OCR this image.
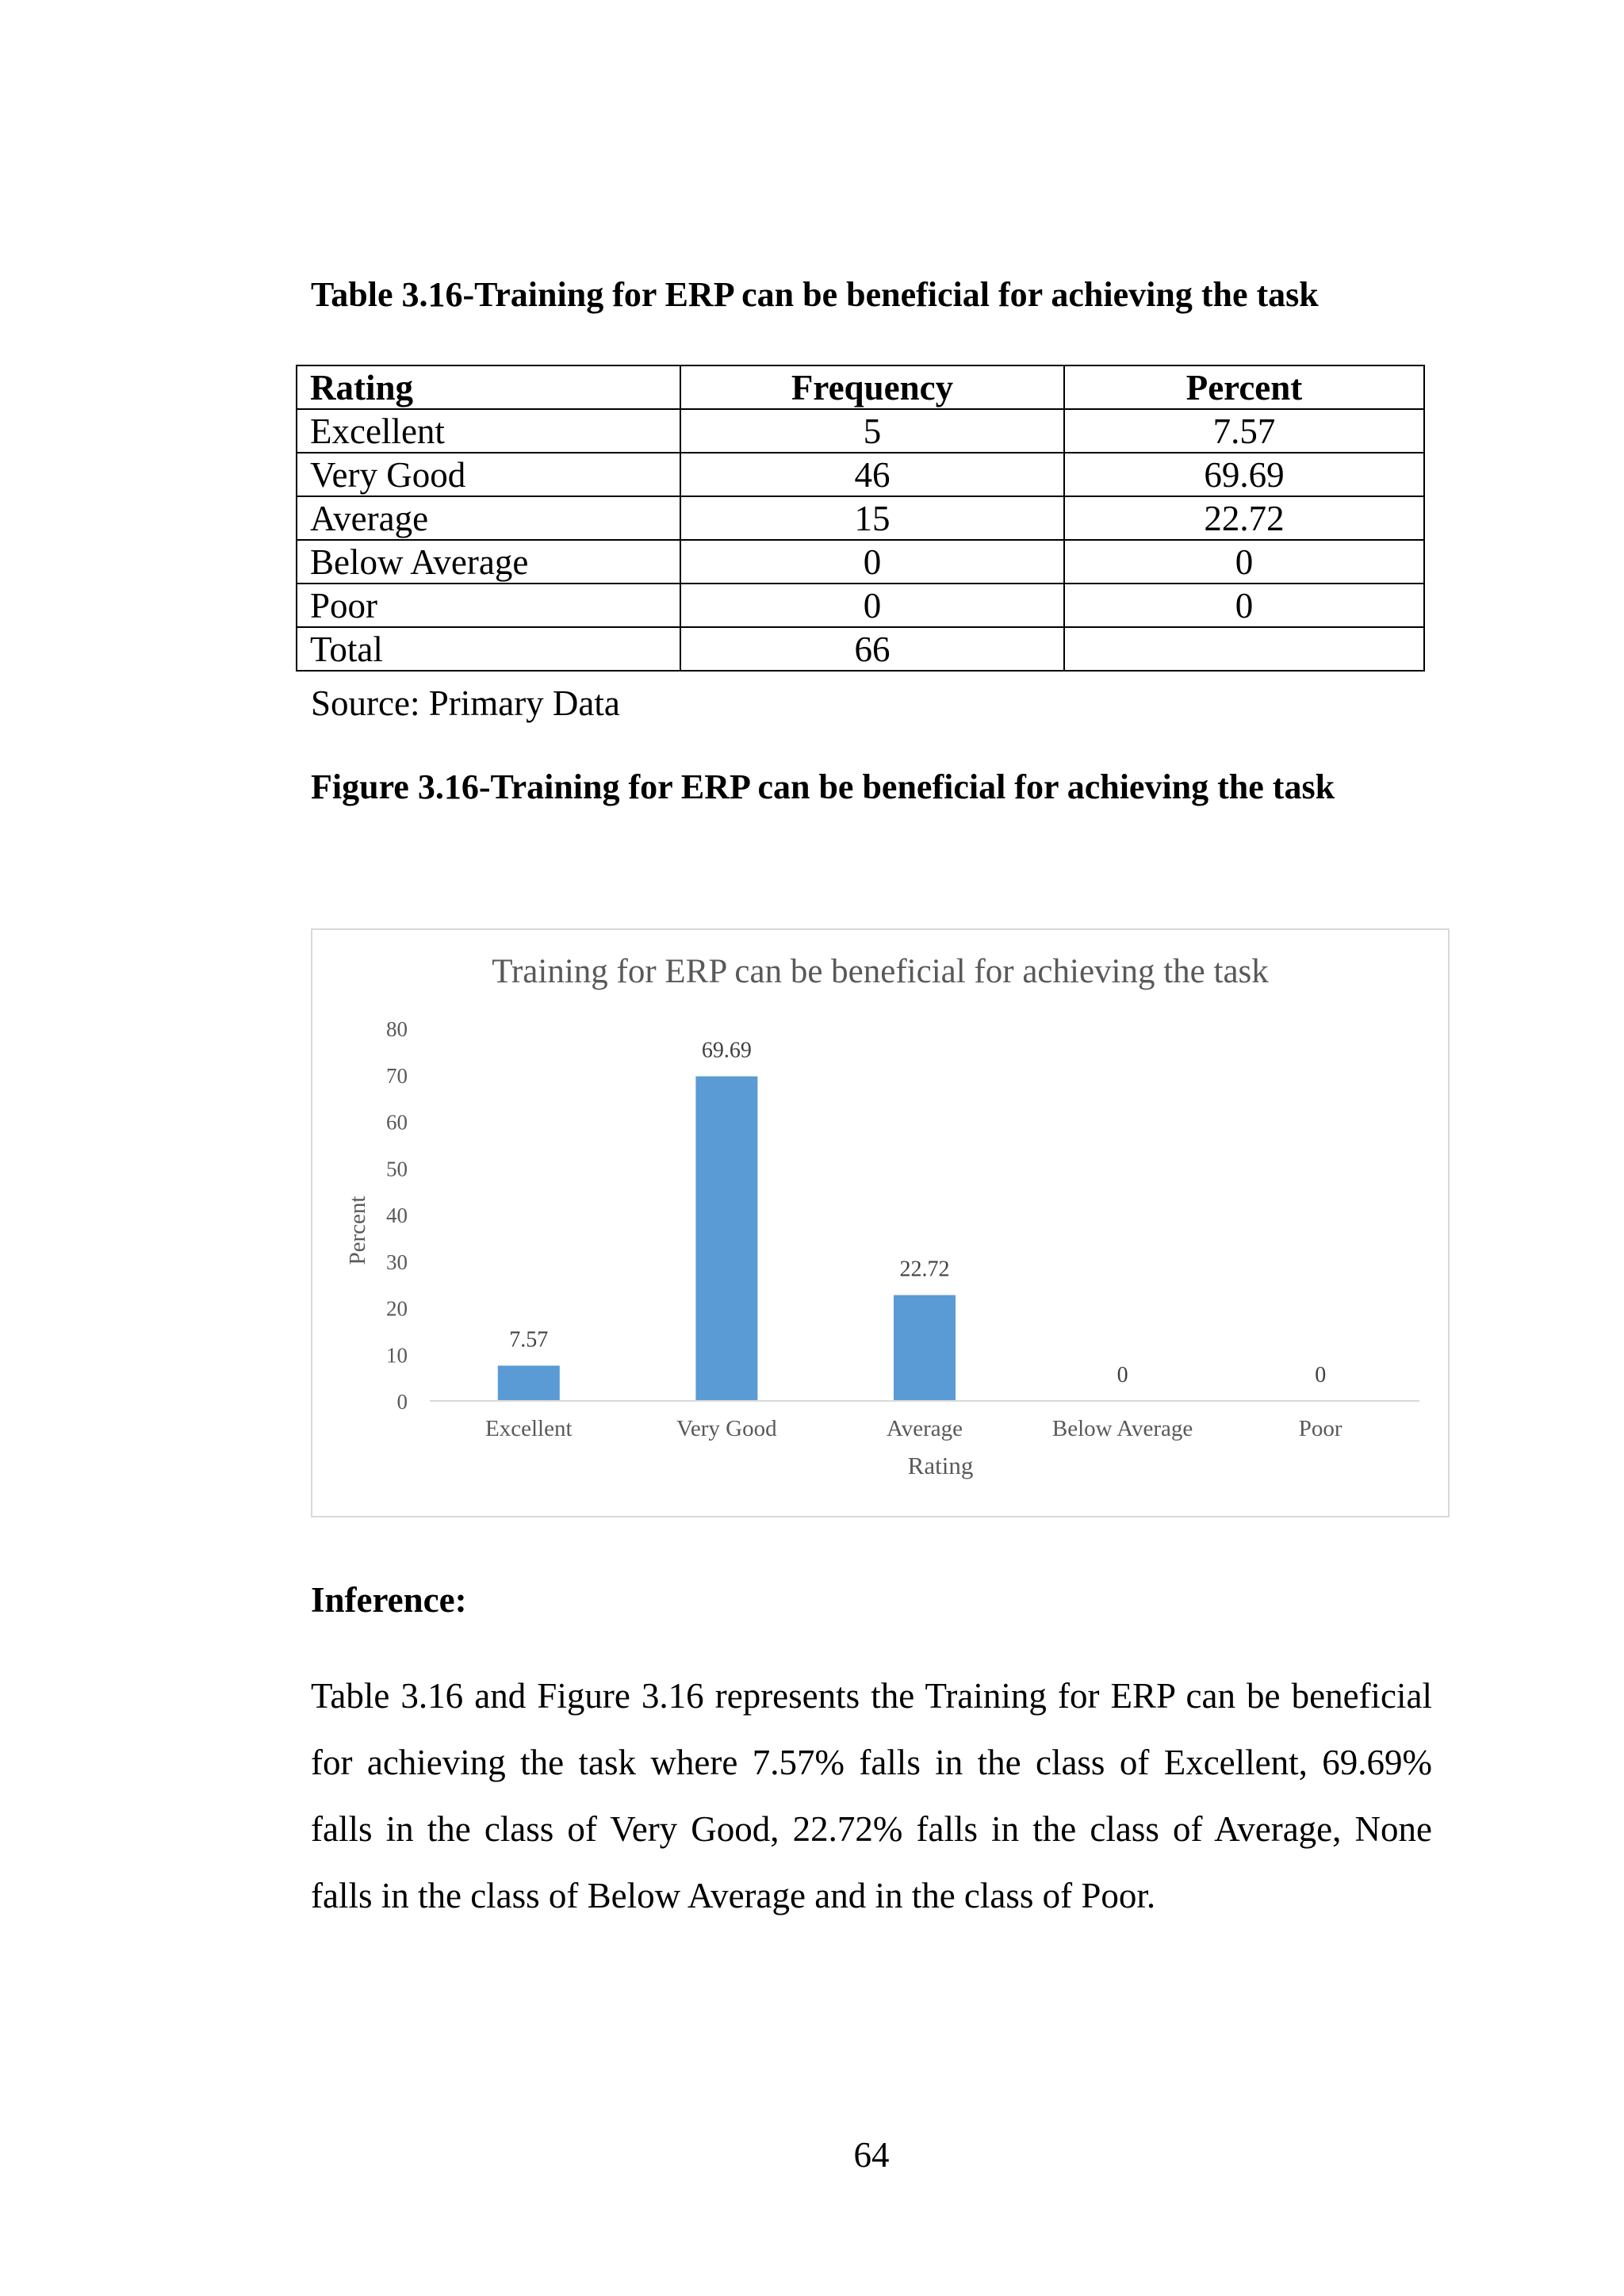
Table 3.16-Training for ERP can be beneficial for achieving the task
Rating	Frequency	Percent
Excellent	5	7.57
Very Good	46	69.69
Average	15	22.72
Below Average	0	0
Poor	0	0
Total	66	
Source: Primary Data
Figure 3.16-Training for ERP can be beneficial for achieving the task
Training for ERP can be beneficial for achieving the task
Percent
Rating
0
10
20
30
40
50
60
70
80
7.57
69.69
22.72
0	0
Excellent	Very Good	Average	Below Average	Poor
Inference:

Table 3.16 and Figure 3.16 represents the Training for ERP can be beneficial for achieving the task where 7.57% falls in the class of Excellent, 69.69% falls in the class of Very Good, 22.72% falls in the class of Average, None falls in the class of Below Average and in the class of Poor.

64
